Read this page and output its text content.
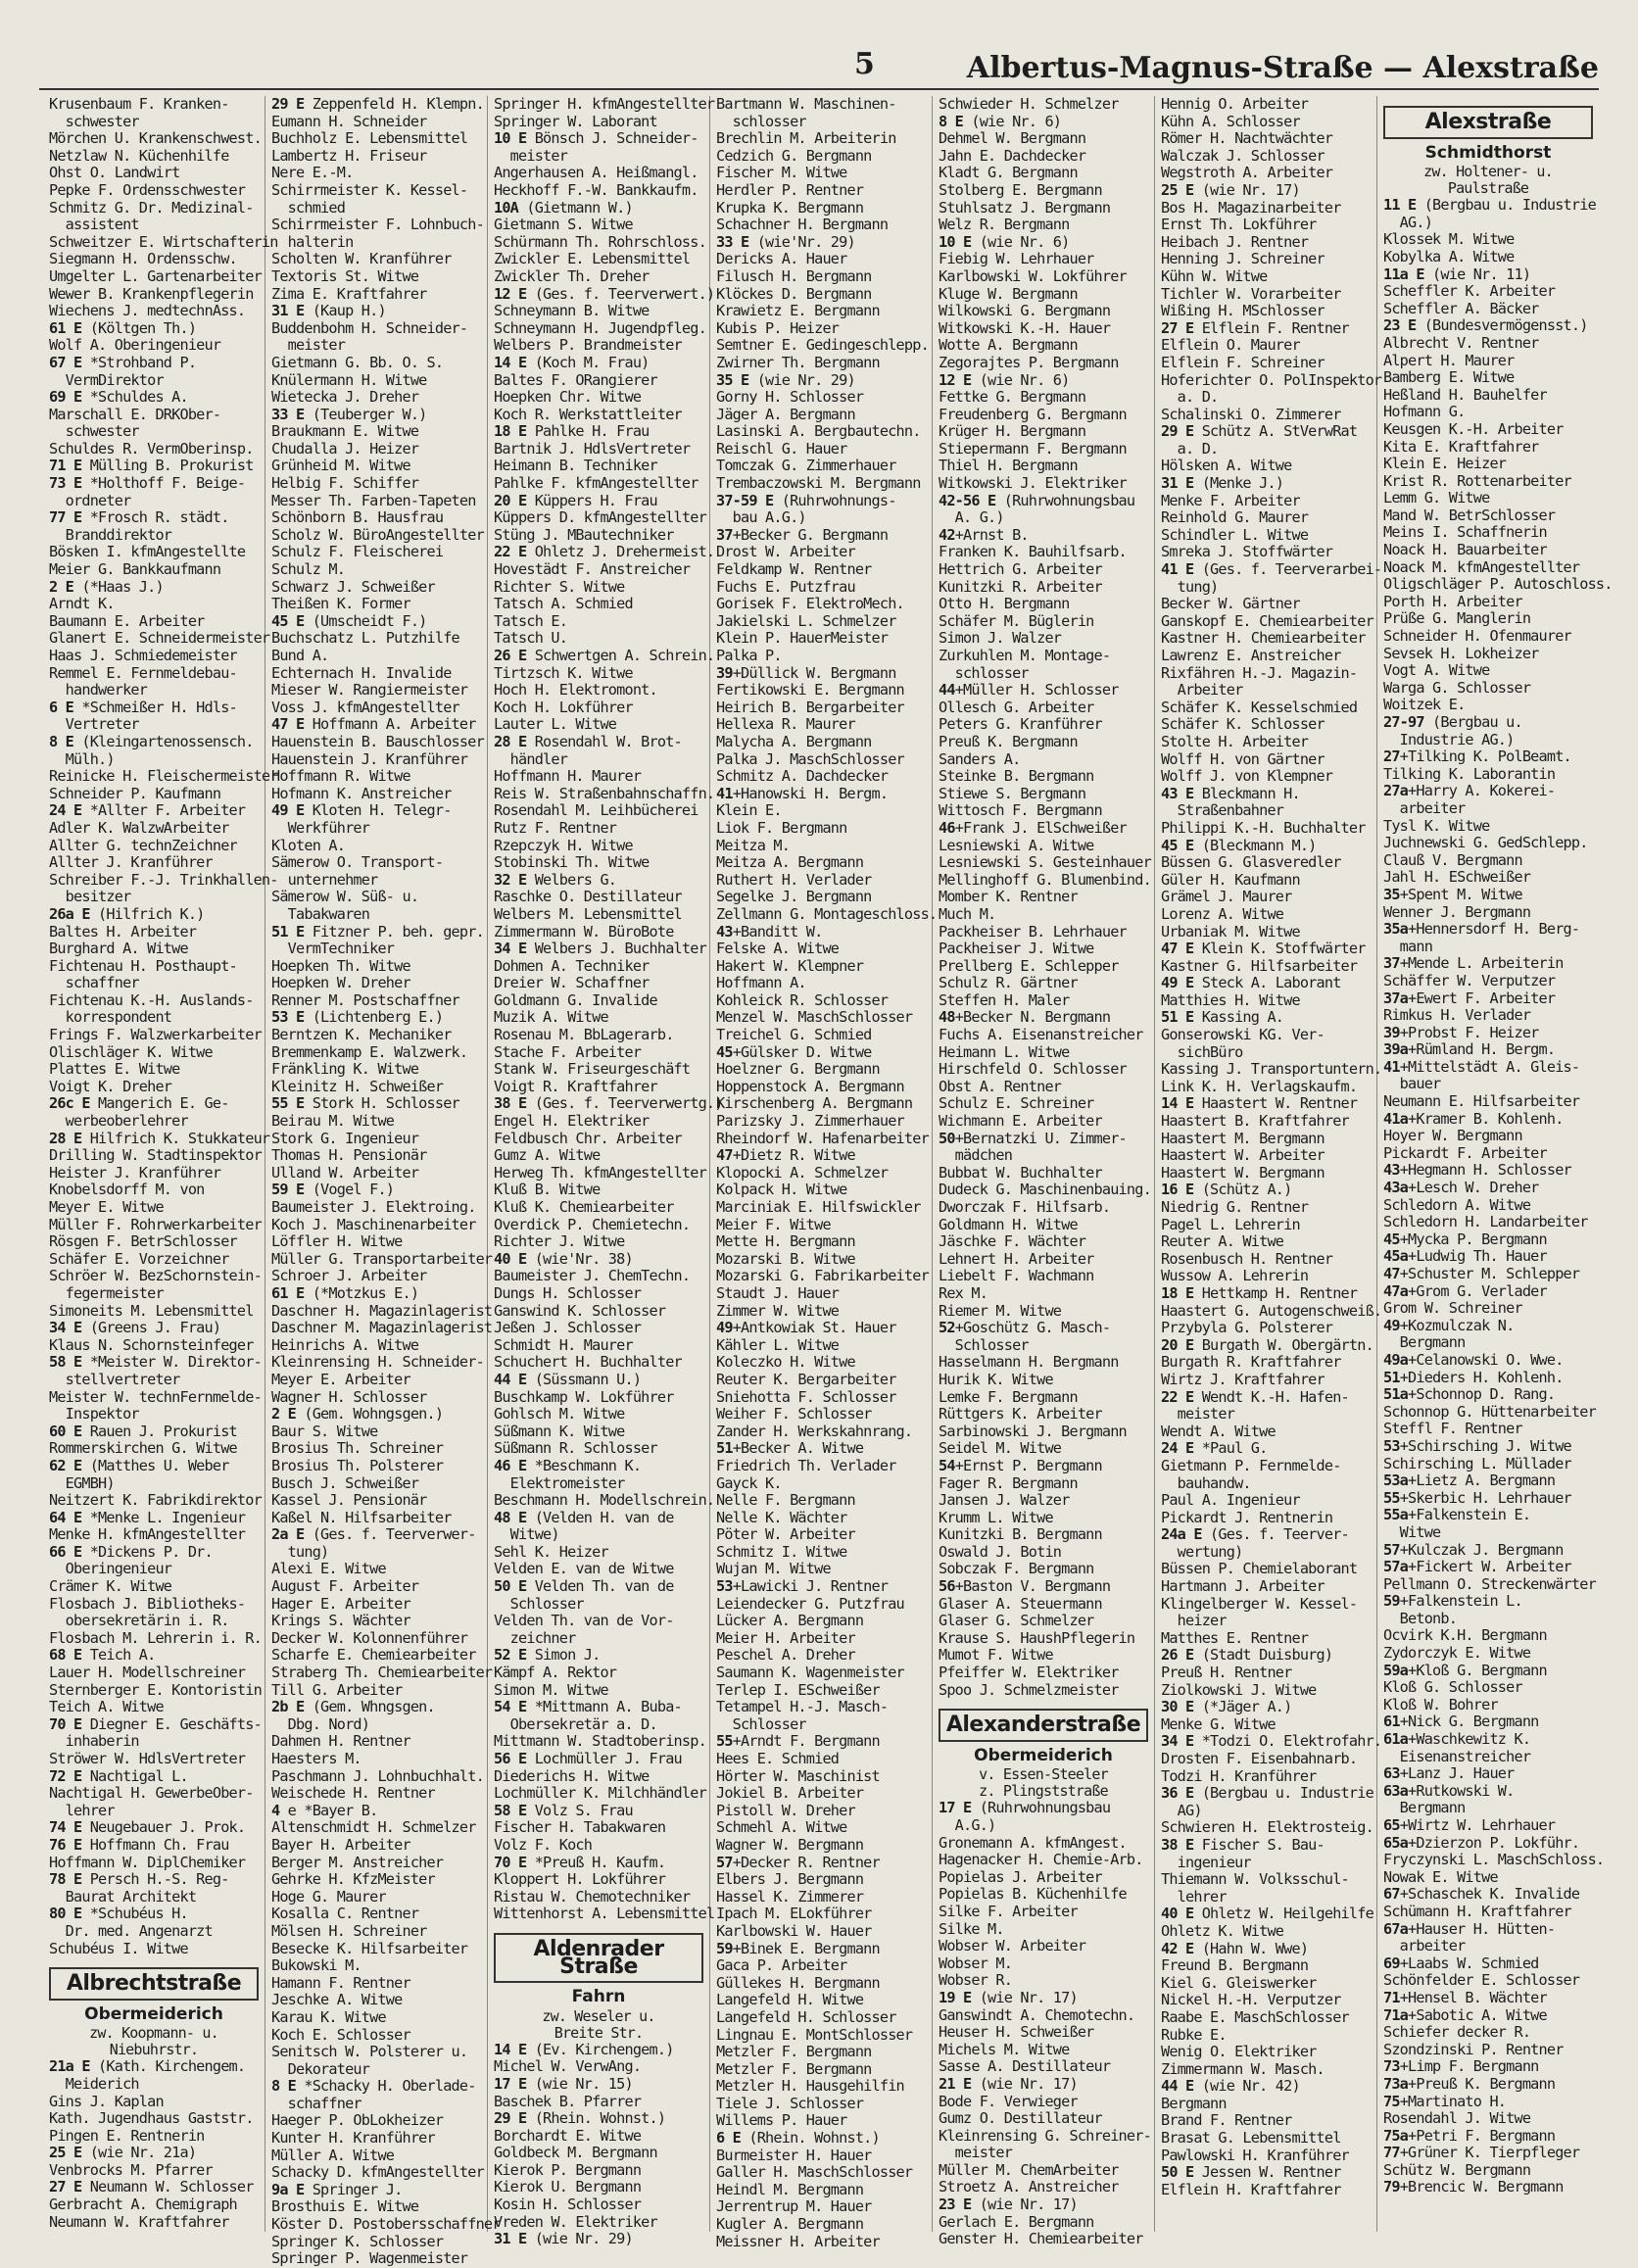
5	Albertus-Magnus-Straße — Alexstraße
Krusenbaum F. Kranken-
schwester
Mörchen U. Krankenschwest.
Netzlaw N. Küchenhilfe
Ohst O. Landwirt
Pepke F. Ordensschwester
Schmitz G. Dr. Medizinal-
assistent
Schweitzer E. Wirtschafterin
Siegmann H. Ordensschw.
Umgelter L. Gartenarbeiter
Wewer B. Krankenpflegerin
Wiechens J. medtechnAss.
61 E (Költgen Th.)
Wolf A. Oberingenieur
67 E *Strohband P.
VermDirektor
69 E *Schuldes A.
Marschall E. DRKOber-
schwester
Schuldes R. VermOberinsp.
71 E Mülling B. Prokurist
73 E *Holthoff F. Beige-
ordneter
77 E *Frosch R. städt.
Branddirektor
Bösken I. kfmAngestellte
Meier G. Bankkaufmann
2 E (*Haas J.)
Arndt K.
Baumann E. Arbeiter
Glanert E. Schneidermeister
Haas J. Schmiedemeister
Remmel E. Fernmeldebau-
handwerker
6 E *Schmeißer H. Hdls-
Vertreter
8 E (Kleingartenossensch.
Mülh.)
Reinicke H. Fleischermeister
Schneider P. Kaufmann
24 E *Allter F. Arbeiter
Adler K. WalzwArbeiter
Allter G. technZeichner
Allter J. Kranführer
Schreiber F.-J. Trinkhallen-
besitzer
26a E (Hilfrich K.)
Baltes H. Arbeiter
Burghard A. Witwe
Fichtenau H. Posthaupt-
schaffner
Fichtenau K.-H. Auslands-
korrespondent
Frings F. Walzwerkarbeiter
Olischläger K. Witwe
Plattes E. Witwe
Voigt K. Dreher
26c E Mangerich E. Ge-
werbeoberlehrer
28 E Hilfrich K. Stukkateur
Drilling W. Stadtinspektor
Heister J. Kranführer
Knobelsdorff M. von
Meyer E. Witwe
Müller F. Rohrwerkarbeiter
Rösgen F. BetrSchlosser
Schäfer E. Vorzeichner
Schröer W. BezSchornstein-
fegermeister
Simoneits M. Lebensmittel
34 E (Greens J. Frau)
Klaus N. Schornsteinfeger
58 E *Meister W. Direktor-
stellvertreter
Meister W. technFernmelde-
Inspektor
60 E Rauen J. Prokurist
Rommerskirchen G. Witwe
62 E (Matthes U. Weber
EGMBH)
Neitzert K. Fabrikdirektor
64 E *Menke L. Ingenieur
Menke H. kfmAngestellter
66 E *Dickens P. Dr.
Oberingenieur
Crämer K. Witwe
Flosbach J. Bibliotheks-
obersekretärin i. R.
Flosbach M. Lehrerin i. R.
68 E Teich A.
Lauer H. Modellschreiner
Sternberger E. Kontoristin
Teich A. Witwe
70 E Diegner E. Geschäfts-
inhaberin
Ströwer W. HdlsVertreter
72 E Nachtigal L.
Nachtigal H. GewerbeOber-
lehrer
74 E Neugebauer J. Prok.
76 E Hoffmann Ch. Frau
Hoffmann W. DiplChemiker
78 E Persch H.-S. Reg-
Baurat Architekt
80 E *Schubéus H.
Dr. med. Angenarzt
Schubéus I. Witwe
Albrechtstraße
Obermeiderich
zw. Koopmann- u.
Niebuhrstr.
21a E (Kath. Kirchengem.
Meiderich
Gins J. Kaplan
Kath. Jugendhaus Gaststr.
Pingen E. Rentnerin
25 E (wie Nr. 21a)
Venbrocks M. Pfarrer
27 E Neumann W. Schlosser
Gerbracht A. Chemigraph
Neumann W. Kraftfahrer
29 E Zeppenfeld H. Klempn.
Eumann H. Schneider
Buchholz E. Lebensmittel
Lambertz H. Friseur
Nere E.-M.
Schirrmeister K. Kessel-
schmied
Schirrmeister F. Lohnbuch-
halterin
Scholten W. Kranführer
Textoris St. Witwe
Zima E. Kraftfahrer
31 E (Kaup H.)
Buddenbohm H. Schneider-
meister
Gietmann G. Bb. O. S.
Knülermann H. Witwe
Wietecka J. Dreher
33 E (Teuberger W.)
Braukmann E. Witwe
Chudalla J. Heizer
Grünheid M. Witwe
Helbig F. Schiffer
Messer Th. Farben-Tapeten
Schönborn B. Hausfrau
Scholz W. BüroAngestellter
Schulz F. Fleischerei
Schulz M.
Schwarz J. Schweißer
Theißen K. Former
45 E (Umscheidt F.)
Buchschatz L. Putzhilfe
Bund A.
Echternach H. Invalide
Mieser W. Rangiermeister
Voss J. kfmAngestellter
47 E Hoffmann A. Arbeiter
Hauenstein B. Bauschlosser
Hauenstein J. Kranführer
Hoffmann R. Witwe
Hofmann K. Anstreicher
49 E Kloten H. Telegr-
Werkführer
Kloten A.
Sämerow O. Transport-
unternehmer
Sämerow W. Süß- u.
Tabakwaren
51 E Fitzner P. beh. gepr.
VermTechniker
Hoepken Th. Witwe
Hoepken W. Dreher
Renner M. Postschaffner
53 E (Lichtenberg E.)
Berntzen K. Mechaniker
Bremmenkamp E. Walzwerk.
Fränkling K. Witwe
Kleinitz H. Schweißer
55 E Stork H. Schlosser
Beirau M. Witwe
Stork G. Ingenieur
Thomas H. Pensionär
Ulland W. Arbeiter
59 E (Vogel F.)
Baumeister J. Elektroing.
Koch J. Maschinenarbeiter
Löffler H. Witwe
Müller G. Transportarbeiter
Schroer J. Arbeiter
61 E (*Motzkus E.)
Daschner H. Magazinlagerist
Daschner M. Magazinlagerist
Heinrichs A. Witwe
Kleinrensing H. Schneider-
Meyer E. Arbeiter
Wagner H. Schlosser
2 E (Gem. Wohngsgen.)
Baur S. Witwe
Brosius Th. Schreiner
Brosius Th. Polsterer
Busch J. Schweißer
Kassel J. Pensionär
Kaßel N. Hilfsarbeiter
2a E (Ges. f. Teerverwer-
tung)
Alexi E. Witwe
August F. Arbeiter
Hager E. Arbeiter
Krings S. Wächter
Decker W. Kolonnenführer
Scharfe E. Chemiearbeiter
Straberg Th. Chemiearbeiter
Till G. Arbeiter
2b E (Gem. Whngsgen.
Dbg. Nord)
Dahmen H. Rentner
Haesters M.
Paschmann J. Lohnbuchhalt.
Weischede H. Rentner
4 e *Bayer B.
Altenschmidt H. Schmelzer
Bayer H. Arbeiter
Berger M. Anstreicher
Gehrke H. KfzMeister
Hoge G. Maurer
Kosalla C. Rentner
Mölsen H. Schreiner
Besecke K. Hilfsarbeiter
Bukowski M.
Hamann F. Rentner
Jeschke A. Witwe
Karau K. Witwe
Koch E. Schlosser
Senitsch W. Polsterer u.
Dekorateur
8 E *Schacky H. Oberlade-
schaffner
Haeger P. ObLokheizer
Kunter H. Kranführer
Müller A. Witwe
Schacky D. kfmAngestellter
9a E Springer J.
Brosthuis E. Witwe
Köster D. Postobersschaffner
Springer K. Schlosser
Springer P. Wagenmeister
Springer H. kfmAngestellter
Springer W. Laborant
10 E Bönsch J. Schneider-
meister
Angerhausen A. Heißmangl.
Heckhoff F.-W. Bankkaufm.
10A (Gietmann W.)
Gietmann S. Witwe
Schürmann Th. Rohrschloss.
Zwickler E. Lebensmittel
Zwickler Th. Dreher
12 E (Ges. f. Teerverwert.)
Schneymann B. Witwe
Schneymann H. Jugendpfleg.
Welbers P. Brandmeister
14 E (Koch M. Frau)
Baltes F. ORangierer
Hoepken Chr. Witwe
Koch R. Werkstattleiter
18 E Pahlke H. Frau
Bartnik J. HdlsVertreter
Heimann B. Techniker
Pahlke F. kfmAngestellter
20 E Küppers H. Frau
Küppers D. kfmAngestellter
Stüng J. MBautechniker
22 E Ohletz J. Drehermeist.
Hovestädt F. Anstreicher
Richter S. Witwe
Tatsch A. Schmied
Tatsch E.
Tatsch U.
26 E Schwertgen A. Schrein.
Tirtzsch K. Witwe
Hoch H. Elektromont.
Koch H. Lokführer
Lauter L. Witwe
28 E Rosendahl W. Brot-
händler
Hoffmann H. Maurer
Reis W. Straßenbahnschaffn.
Rosendahl M. Leihbücherei
Rutz F. Rentner
Rzepczyk H. Witwe
Stobinski Th. Witwe
32 E Welbers G.
Raschke O. Destillateur
Welbers M. Lebensmittel
Zimmermann W. BüroBote
34 E Welbers J. Buchhalter
Dohmen A. Techniker
Dreier W. Schaffner
Goldmann G. Invalide
Muzik A. Witwe
Rosenau M. BbLagerarb.
Stache F. Arbeiter
Stank W. Friseurgeschäft
Voigt R. Kraftfahrer
38 E (Ges. f. Teerverwertg.)
Engel H. Elektriker
Feldbusch Chr. Arbeiter
Gumz A. Witwe
Herweg Th. kfmAngestellter
Kluß B. Witwe
Kluß K. Chemiearbeiter
Overdick P. Chemietechn.
Richter J. Witwe
40 E (wie'Nr. 38)
Baumeister J. ChemTechn.
Dungs H. Schlosser
Ganswind K. Schlosser
Jeßen J. Schlosser
Schmidt H. Maurer
Schuchert H. Buchhalter
44 E (Süssmann U.)
Buschkamp W. Lokführer
Gohlsch M. Witwe
Süßmann K. Witwe
Süßmann R. Schlosser
46 E *Beschmann K.
Elektromeister
Beschmann H. Modellschrein.
48 E (Velden H. van de
Witwe)
Sehl K. Heizer
Velden E. van de Witwe
50 E Velden Th. van de
Schlosser
Velden Th. van de Vor-
zeichner
52 E Simon J.
Kämpf A. Rektor
Simon M. Witwe
54 E *Mittmann A. Buba-
Obersekretär a. D.
Mittmann W. Stadtoberinsp.
56 E Lochmüller J. Frau
Diederichs H. Witwe
Lochmüller K. Milchhändler
58 E Volz S. Frau
Fischer H. Tabakwaren
Volz F. Koch
70 E *Preuß H. Kaufm.
Kloppert H. Lokführer
Ristau W. Chemotechniker
Wittenhorst A. Lebensmittel
Aldenrader Straße
Fahrn
zw. Weseler u.
Breite Str.
14 E (Ev. Kirchengem.)
Michel W. VerwAng.
17 E (wie Nr. 15)
Baschek B. Pfarrer
29 E (Rhein. Wohnst.)
Borchardt E. Witwe
Goldbeck M. Bergmann
Kierok P. Bergmann
Kierok U. Bergmann
Kosin H. Schlosser
Vreden W. Elektriker
31 E (wie Nr. 29)
Bartmann W. Maschinen-
schlosser
Brechlin M. Arbeiterin
Cedzich G. Bergmann
Fischer M. Witwe
Herdler P. Rentner
Krupka K. Bergmann
Schachner H. Bergmann
33 E (wie'Nr. 29)
Dericks A. Hauer
Filusch H. Bergmann
Klöckes D. Bergmann
Krawietz E. Bergmann
Kubis P. Heizer
Semtner E. Gedingeschlepp.
Zwirner Th. Bergmann
35 E (wie Nr. 29)
Gorny H. Schlosser
Jäger A. Bergmann
Lasinski A. Bergbautechn.
Reischl G. Hauer
Tomczak G. Zimmerhauer
Trembaczowski M. Bergmann
37-59 E (Ruhrwohnungs-
bau A.G.)
37+Becker G. Bergmann
Drost W. Arbeiter
Feldkamp W. Rentner
Fuchs E. Putzfrau
Gorisek F. ElektroMech.
Jakielski L. Schmelzer
Klein P. HauerMeister
Palka P.
39+Düllick W. Bergmann
Fertikowski E. Bergmann
Heirich B. Bergarbeiter
Hellexa R. Maurer
Malycha A. Bergmann
Palka J. MaschSchlosser
Schmitz A. Dachdecker
41+Hanowski H. Bergm.
Klein E.
Liok F. Bergmann
Meitza M.
Meitza A. Bergmann
Ruthert H. Verlader
Segelke J. Bergmann
Zellmann G. Montageschloss.
43+Banditt W.
Felske A. Witwe
Hakert W. Klempner
Hoffmann A.
Kohleick R. Schlosser
Menzel W. MaschSchlosser
Treichel G. Schmied
45+Gülsker D. Witwe
Hoelzner G. Bergmann
Hoppenstock A. Bergmann
Kirschenberg A. Bergmann
Parizsky J. Zimmerhauer
Rheindorf W. Hafenarbeiter
47+Dietz R. Witwe
Klopocki A. Schmelzer
Kolpack H. Witwe
Marciniak E. Hilfswickler
Meier F. Witwe
Mette H. Bergmann
Mozarski B. Witwe
Mozarski G. Fabrikarbeiter
Staudt J. Hauer
Zimmer W. Witwe
49+Antkowiak St. Hauer
Kähler L. Witwe
Koleczko H. Witwe
Reuter K. Bergarbeiter
Sniehotta F. Schlosser
Weiher F. Schlosser
Zander H. Werkskahnrang.
51+Becker A. Witwe
Friedrich Th. Verlader
Gayck K.
Nelle F. Bergmann
Nelle K. Wächter
Pöter W. Arbeiter
Schmitz I. Witwe
Wujan M. Witwe
53+Lawicki J. Rentner
Leiendecker G. Putzfrau
Lücker A. Bergmann
Meier H. Arbeiter
Peschel A. Dreher
Saumann K. Wagenmeister
Terlep I. ESchweißer
Tetampel H.-J. Masch-
Schlosser
55+Arndt F. Bergmann
Hees E. Schmied
Hörter W. Maschinist
Jokiel B. Arbeiter
Pistoll W. Dreher
Schmehl A. Witwe
Wagner W. Bergmann
57+Decker R. Rentner
Elbers J. Bergmann
Hassel K. Zimmerer
Ipach M. ELokführer
Karlbowski W. Hauer
59+Binek E. Bergmann
Gaca P. Arbeiter
Güllekes H. Bergmann
Langefeld H. Witwe
Langefeld H. Schlosser
Lingnau E. MontSchlosser
Metzler F. Bergmann
Metzler F. Bergmann
Metzler H. Hausgehilfin
Tiele J. Schlosser
Willems P. Hauer
6 E (Rhein. Wohnst.)
Burmeister H. Hauer
Galler H. MaschSchlosser
Heindl M. Bergmann
Jerrentrup M. Hauer
Kugler A. Bergmann
Meissner H. Arbeiter
Schwieder H. Schmelzer
8 E (wie Nr. 6)
Dehmel W. Bergmann
Jahn E. Dachdecker
Kladt G. Bergmann
Stolberg E. Bergmann
Stuhlsatz J. Bergmann
Welz R. Bergmann
10 E (wie Nr. 6)
Fiebig W. Lehrhauer
Karlbowski W. Lokführer
Kluge W. Bergmann
Wilkowski G. Bergmann
Witkowski K.-H. Hauer
Wotte A. Bergmann
Zegorajtes P. Bergmann
12 E (wie Nr. 6)
Fettke G. Bergmann
Freudenberg G. Bergmann
Krüger H. Bergmann
Stiepermann F. Bergmann
Thiel H. Bergmann
Witkowski J. Elektriker
42-56 E (Ruhrwohnungsbau
A. G.)
42+Arnst B.
Franken K. Bauhilfsarb.
Hettrich G. Arbeiter
Kunitzki R. Arbeiter
Otto H. Bergmann
Schäfer M. Büglerin
Simon J. Walzer
Zurkuhlen M. Montage-
schlosser
44+Müller H. Schlosser
Ollesch G. Arbeiter
Peters G. Kranführer
Preuß K. Bergmann
Sanders A.
Steinke B. Bergmann
Stiewe S. Bergmann
Wittosch F. Bergmann
46+Frank J. ElSchweißer
Lesniewski A. Witwe
Lesniewski S. Gesteinhauer
Mellinghoff G. Blumenbind.
Momber K. Rentner
Much M.
Packheiser B. Lehrhauer
Packheiser J. Witwe
Prellberg E. Schlepper
Schulz R. Gärtner
Steffen H. Maler
48+Becker N. Bergmann
Fuchs A. Eisenanstreicher
Heimann L. Witwe
Hirschfeld O. Schlosser
Obst A. Rentner
Schulz E. Schreiner
Wichmann E. Arbeiter
50+Bernatzki U. Zimmer-
mädchen
Bubbat W. Buchhalter
Dudeck G. Maschinenbauing.
Dworczak F. Hilfsarb.
Goldmann H. Witwe
Jäschke F. Wächter
Lehnert H. Arbeiter
Liebelt F. Wachmann
Rex M.
Riemer M. Witwe
52+Goschütz G. Masch-
Schlosser
Hasselmann H. Bergmann
Hurik K. Witwe
Lemke F. Bergmann
Rüttgers K. Arbeiter
Sarbinowski J. Bergmann
Seidel M. Witwe
54+Ernst P. Bergmann
Fager R. Bergmann
Jansen J. Walzer
Krumm L. Witwe
Kunitzki B. Bergmann
Oswald J. Botin
Sobczak F. Bergmann
56+Baston V. Bergmann
Glaser A. Steuermann
Glaser G. Schmelzer
Krause S. HaushPflegerin
Mumot F. Witwe
Pfeiffer W. Elektriker
Spoo J. Schmelzmeister
Alexanderstraße
Obermeiderich
v. Essen-Steeler
z. Plingststraße
17 E (Ruhrwohnungsbau
A.G.)
Gronemann A. kfmAngest.
Hagenacker H. Chemie-Arb.
Popielas J. Arbeiter
Popielas B. Küchenhilfe
Silke F. Arbeiter
Silke M.
Wobser W. Arbeiter
Wobser M.
Wobser R.
19 E (wie Nr. 17)
Ganswindt A. Chemotechn.
Heuser H. Schweißer
Michels M. Witwe
Sasse A. Destillateur
21 E (wie Nr. 17)
Bode F. Verwieger
Gumz O. Destillateur
Kleinrensing G. Schreiner-
meister
Müller M. ChemArbeiter
Stroetz A. Anstreicher
23 E (wie Nr. 17)
Gerlach E. Bergmann
Genster H. Chemiearbeiter
Hennig O. Arbeiter
Kühn A. Schlosser
Römer H. Nachtwächter
Walczak J. Schlosser
Wegstroth A. Arbeiter
25 E (wie Nr. 17)
Bos H. Magazinarbeiter
Ernst Th. Lokführer
Heibach J. Rentner
Henning J. Schreiner
Kühn W. Witwe
Tichler W. Vorarbeiter
Wißing H. MSchlosser
27 E Elflein F. Rentner
Elflein O. Maurer
Elflein F. Schreiner
Hoferichter O. PolInspektor
a. D.
Schalinski O. Zimmerer
29 E Schütz A. StVerwRat
a. D.
Hölsken A. Witwe
31 E (Menke J.)
Menke F. Arbeiter
Reinhold G. Maurer
Schindler L. Witwe
Smreka J. Stoffwärter
41 E (Ges. f. Teerverarbei-
tung)
Becker W. Gärtner
Ganskopf E. Chemiearbeiter
Kastner H. Chemiearbeiter
Lawrenz E. Anstreicher
Rixfähren H.-J. Magazin-
Arbeiter
Schäfer K. Kesselschmied
Schäfer K. Schlosser
Stolte H. Arbeiter
Wolff H. von Gärtner
Wolff J. von Klempner
43 E Bleckmann H.
Straßenbahner
Philippi K.-H. Buchhalter
45 E (Bleckmann M.)
Büssen G. Glasveredler
Güler H. Kaufmann
Grämel J. Maurer
Lorenz A. Witwe
Urbaniak M. Witwe
47 E Klein K. Stoffwärter
Kastner G. Hilfsarbeiter
49 E Steck A. Laborant
Matthies H. Witwe
51 E Kassing A.
Gonserowski KG. Ver-
sichBüro
Kassing J. Transportuntern.
Link K. H. Verlagskaufm.
14 E Haastert W. Rentner
Haastert B. Kraftfahrer
Haastert M. Bergmann
Haastert W. Arbeiter
Haastert W. Bergmann
16 E (Schütz A.)
Niedrig G. Rentner
Pagel L. Lehrerin
Reuter A. Witwe
Rosenbusch H. Rentner
Wussow A. Lehrerin
18 E Hettkamp H. Rentner
Haastert G. Autogenschweiß.
Przybyla G. Polsterer
20 E Burgath W. Obergärtn.
Burgath R. Kraftfahrer
Wirtz J. Kraftfahrer
22 E Wendt K.-H. Hafen-
meister
Wendt A. Witwe
24 E *Paul G.
Gietmann P. Fernmelde-
bauhandw.
Paul A. Ingenieur
Pickardt J. Rentnerin
24a E (Ges. f. Teerver-
wertung)
Büssen P. Chemielaborant
Hartmann J. Arbeiter
Klingelberger W. Kessel-
heizer
Matthes E. Rentner
26 E (Stadt Duisburg)
Preuß H. Rentner
Ziolkowski J. Witwe
30 E (*Jäger A.)
Menke G. Witwe
34 E *Todzi O. Elektrofahr.
Drosten F. Eisenbahnarb.
Todzi H. Kranführer
36 E (Bergbau u. Industrie
AG)
Schwieren H. Elektrosteig.
38 E Fischer S. Bau-
ingenieur
Thiemann W. Volksschul-
lehrer
40 E Ohletz W. Heilgehilfe
Ohletz K. Witwe
42 E (Hahn W. Wwe)
Freund B. Bergmann
Kiel G. Gleiswerker
Nickel H.-H. Verputzer
Raabe E. MaschSchlosser
Rubke E.
Wenig O. Elektriker
Zimmermann W. Masch.
44 E (wie Nr. 42)
Bergmann
Brand F. Rentner
Brasat G. Lebensmittel
Pawlowski H. Kranführer
50 E Jessen W. Rentner
Elflein H. Kraftfahrer
Alexstraße
Schmidthorst
zw. Holtener- u.
Paulstraße
11 E (Bergbau u. Industrie
AG.)
Klossek M. Witwe
Kobylka A. Witwe
11a E (wie Nr. 11)
Scheffler K. Arbeiter
Scheffler A. Bäcker
23 E (Bundesvermögensst.)
Albrecht V. Rentner
Alpert H. Maurer
Bamberg E. Witwe
Heßland H. Bauhelfer
Hofmann G.
Keusgen K.-H. Arbeiter
Kita E. Kraftfahrer
Klein E. Heizer
Krist R. Rottenarbeiter
Lemm G. Witwe
Mand W. BetrSchlosser
Meins I. Schaffnerin
Noack H. Bauarbeiter
Noack M. kfmAngestellter
Oligschläger P. Autoschloss.
Porth H. Arbeiter
Prüße G. Manglerin
Schneider H. Ofenmaurer
Sevsek H. Lokheizer
Vogt A. Witwe
Warga G. Schlosser
Woitzek E.
27-97 (Bergbau u.
Industrie AG.)
27+Tilking K. PolBeamt.
Tilking K. Laborantin
27a+Harry A. Kokerei-
arbeiter
Tysl K. Witwe
Juchnewski G. GedSchlepp.
Clauß V. Bergmann
Jahl H. ESchweißer
35+Spent M. Witwe
Wenner J. Bergmann
35a+Hennersdorf H. Berg-
mann
37+Mende L. Arbeiterin
Schäffer W. Verputzer
37a+Ewert F. Arbeiter
Rimkus H. Verlader
39+Probst F. Heizer
39a+Rümland H. Bergm.
41+Mittelstädt A. Gleis-
bauer
Neumann E. Hilfsarbeiter
41a+Kramer B. Kohlenh.
Hoyer W. Bergmann
Pickardt F. Arbeiter
43+Hegmann H. Schlosser
43a+Lesch W. Dreher
Schledorn A. Witwe
Schledorn H. Landarbeiter
45+Mycka P. Bergmann
45a+Ludwig Th. Hauer
47+Schuster M. Schlepper
47a+Grom G. Verlader
Grom W. Schreiner
49+Kozmulczak N.
Bergmann
49a+Celanowski O. Wwe.
51+Dieders H. Kohlenh.
51a+Schonnop D. Rang.
Schonnop G. Hüttenarbeiter
Steffl F. Rentner
53+Schirsching J. Witwe
Schirsching L. Müllader
53a+Lietz A. Bergmann
55+Skerbic H. Lehrhauer
55a+Falkenstein E.
Witwe
57+Kulczak J. Bergmann
57a+Fickert W. Arbeiter
Pellmann O. Streckenwärter
59+Falkenstein L.
Betonb.
Ocvirk K.H. Bergmann
Zydorczyk E. Witwe
59a+Kloß G. Bergmann
Kloß G. Schlosser
Kloß W. Bohrer
61+Nick G. Bergmann
61a+Waschkewitz K.
Eisenanstreicher
63+Lanz J. Hauer
63a+Rutkowski W.
Bergmann
65+Wirtz W. Lehrhauer
65a+Dzierzon P. Lokführ.
Fryczynski L. MaschSchloss.
Nowak E. Witwe
67+Schaschek K. Invalide
Schümann H. Kraftfahrer
67a+Hauser H. Hütten-
arbeiter
69+Laabs W. Schmied
Schönfelder E. Schlosser
71+Hensel B. Wächter
71a+Sabotic A. Witwe
Schiefer decker R.
Szondzinski P. Rentner
73+Limp F. Bergmann
73a+Preuß K. Bergmann
75+Martinato H.
Rosendahl J. Witwe
75a+Petri F. Bergmann
77+Grüner K. Tierpfleger
Schütz W. Bergmann
79+Brencic W. Bergmann
